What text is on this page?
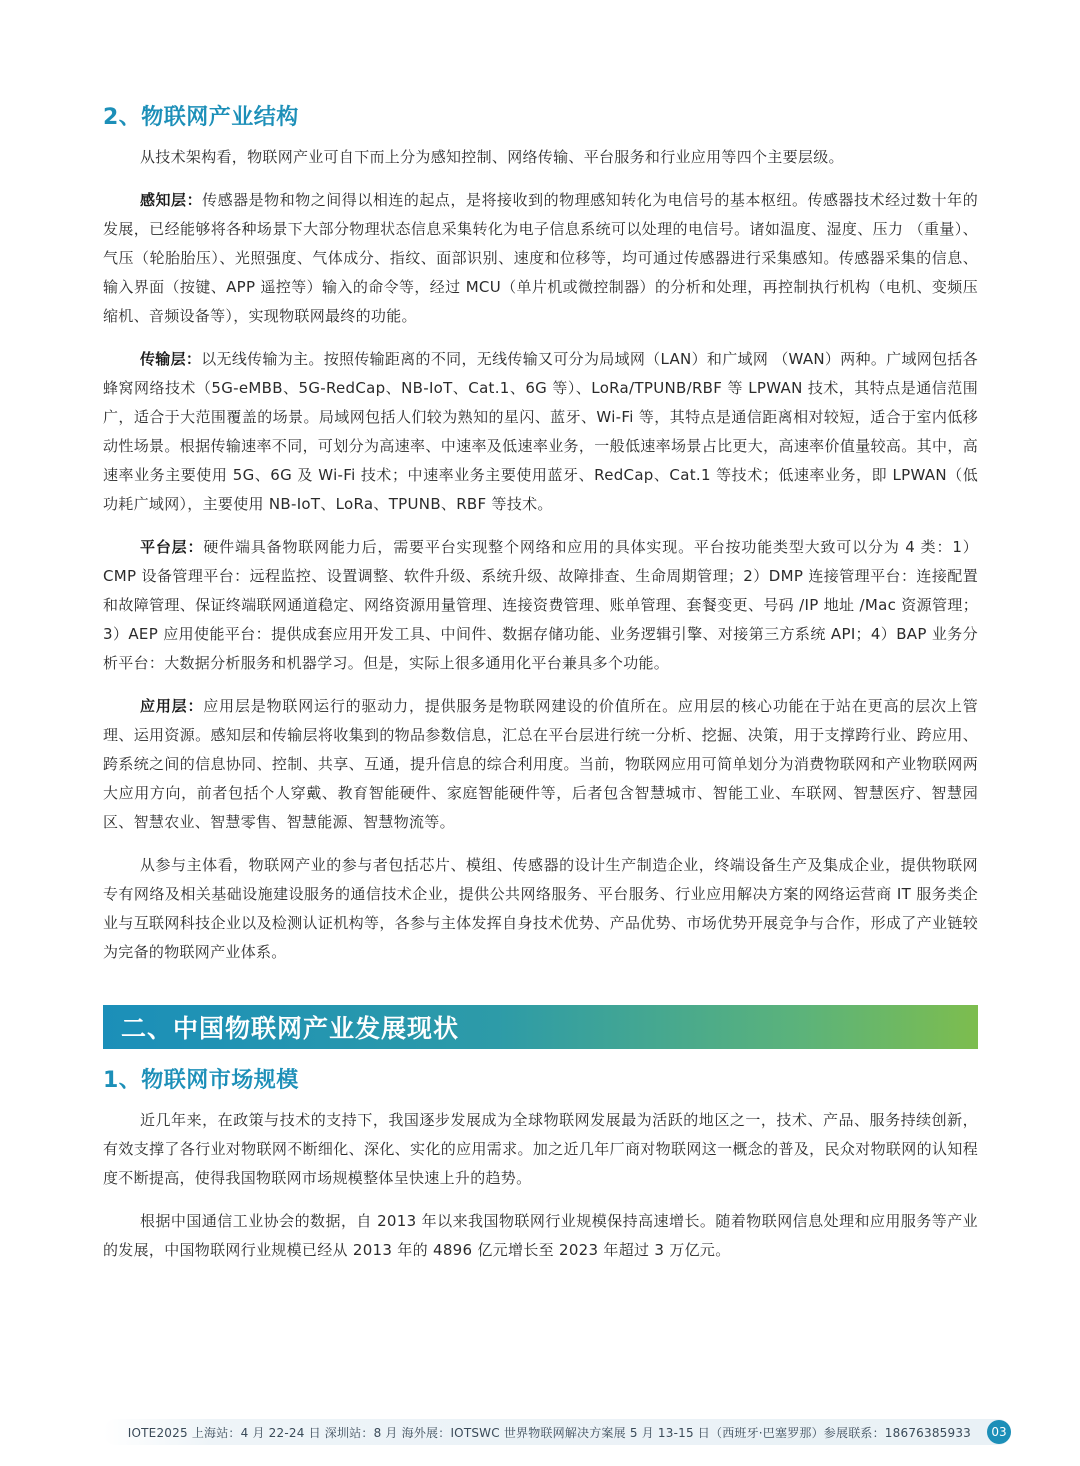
2、物联网产业结构

从技术架构看，物联网产业可自下而上分为感知控制、网络传输、平台服务和行业应用等四个主要层级。

感知层：传感器是物和物之间得以相连的起点，是将接收到的物理感知转化为电信号的基本枢纽。传感器技术经过数十年的发展，已经能够将各种场景下大部分物理状态信息采集转化为电子信息系统可以处理的电信号。诸如温度、湿度、压力 （重量）、气压（轮胎胎压）、光照强度、气体成分、指纹、面部识别、速度和位移等，均可通过传感器进行采集感知。传感器采集的信息、输入界面（按键、APP 遥控等）输入的命令等，经过 MCU（单片机或微控制器）的分析和处理，再控制执行机构（电机、变频压缩机、音频设备等），实现物联网最终的功能。

传输层：以无线传输为主。按照传输距离的不同，无线传输又可分为局域网（LAN）和广域网 （WAN）两种。广域网包括各蜂窝网络技术（5G-eMBB、5G-RedCap、NB-IoT、Cat.1、6G 等）、LoRa/TPUNB/RBF 等 LPWAN 技术，其特点是通信范围广，适合于大范围覆盖的场景。局域网包括人们较为熟知的星闪、蓝牙、Wi-Fi 等，其特点是通信距离相对较短，适合于室内低移动性场景。根据传输速率不同，可划分为高速率、中速率及低速率业务，一般低速率场景占比更大，高速率价值量较高。其中，高速率业务主要使用 5G、6G 及 Wi-Fi 技术；中速率业务主要使用蓝牙、RedCap、Cat.1 等技术；低速率业务，即 LPWAN（低功耗广域网），主要使用 NB-IoT、LoRa、TPUNB、RBF 等技术。

平台层：硬件端具备物联网能力后，需要平台实现整个网络和应用的具体实现。平台按功能类型大致可以分为 4 类：1）CMP 设备管理平台：远程监控、设置调整、软件升级、系统升级、故障排查、生命周期管理；2）DMP 连接管理平台：连接配置和故障管理、保证终端联网通道稳定、网络资源用量管理、连接资费管理、账单管理、套餐变更、号码 /IP 地址 /Mac 资源管理；3）AEP 应用使能平台：提供成套应用开发工具、中间件、数据存储功能、业务逻辑引擎、对接第三方系统 API；4）BAP 业务分析平台：大数据分析服务和机器学习。但是，实际上很多通用化平台兼具多个功能。

应用层：应用层是物联网运行的驱动力，提供服务是物联网建设的价值所在。应用层的核心功能在于站在更高的层次上管理、运用资源。感知层和传输层将收集到的物品参数信息，汇总在平台层进行统一分析、挖掘、决策，用于支撑跨行业、跨应用、跨系统之间的信息协同、控制、共享、互通，提升信息的综合利用度。当前，物联网应用可简单划分为消费物联网和产业物联网两大应用方向，前者包括个人穿戴、教育智能硬件、家庭智能硬件等，后者包含智慧城市、智能工业、车联网、智慧医疗、智慧园区、智慧农业、智慧零售、智慧能源、智慧物流等。

从参与主体看，物联网产业的参与者包括芯片、模组、传感器的设计生产制造企业，终端设备生产及集成企业，提供物联网专有网络及相关基础设施建设服务的通信技术企业，提供公共网络服务、平台服务、行业应用解决方案的网络运营商 IT 服务类企业与互联网科技企业以及检测认证机构等，各参与主体发挥自身技术优势、产品优势、市场优势开展竞争与合作，形成了产业链较为完备的物联网产业体系。

二、中国物联网产业发展现状
1、物联网市场规模

近几年来，在政策与技术的支持下，我国逐步发展成为全球物联网发展最为活跃的地区之一，技术、产品、服务持续创新，有效支撑了各行业对物联网不断细化、深化、实化的应用需求。加之近几年厂商对物联网这一概念的普及，民众对物联网的认知程度不断提高，使得我国物联网市场规模整体呈快速上升的趋势。

根据中国通信工业协会的数据，自 2013 年以来我国物联网行业规模保持高速增长。随着物联网信息处理和应用服务等产业的发展，中国物联网行业规模已经从 2013 年的 4896 亿元增长至 2023 年超过 3 万亿元。

IOTE2025 上海站：4 月 22-24 日 深圳站：8 月 海外展：IOTSWC 世界物联网解决方案展 5 月 13-15 日（西班牙·巴塞罗那）参展联系：18676385933	03
